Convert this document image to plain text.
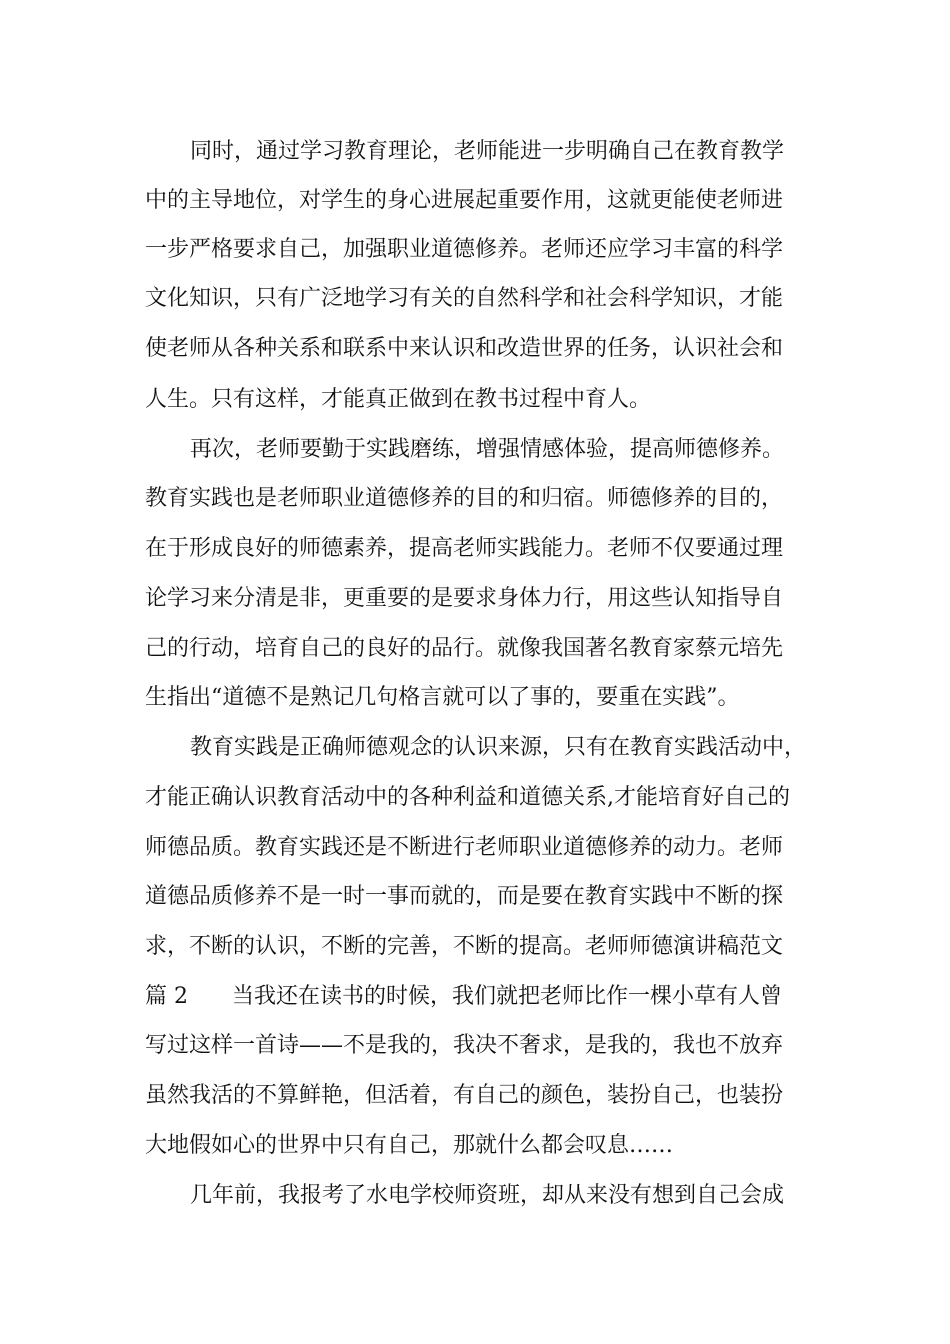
同时，通过学习教育理论，老师能进一步明确自己在教育教学
中的主导地位，对学生的身心进展起重要作用，这就更能使老师进
一步严格要求自己，加强职业道德修养。老师还应学习丰富的科学
文化知识，只有广泛地学习有关的自然科学和社会科学知识，才能
使老师从各种关系和联系中来认识和改造世界的任务，认识社会和
人生。只有这样，才能真正做到在教书过程中育人。
再次，老师要勤于实践磨练，增强情感体验，提高师德修养。
教育实践也是老师职业道德修养的目的和归宿。师德修养的目的，
在于形成良好的师德素养，提高老师实践能力。老师不仅要通过理
论学习来分清是非，更重要的是要求身体力行，用这些认知指导自
己的行动，培育自己的良好的品行。就像我国著名教育家蔡元培先
生指出“道德不是熟记几句格言就可以了事的，要重在实践”。
教育实践是正确师德观念的认识来源，只有在教育实践活动中，
才能正确认识教育活动中的各种利益和道德关系,才能培育好自己的
师德品质。教育实践还是不断进行老师职业道德修养的动力。老师
道德品质修养不是一时一事而就的，而是要在教育实践中不断的探
求，不断的认识，不断的完善，不断的提高。老师师德演讲稿范文
篇 2　　当我还在读书的时候，我们就把老师比作一棵小草有人曾
写过这样一首诗——不是我的，我决不奢求，是我的，我也不放弃
虽然我活的不算鲜艳，但活着，有自己的颜色，装扮自己，也装扮
大地假如心的世界中只有自己，那就什么都会叹息……
几年前，我报考了水电学校师资班，却从来没有想到自己会成
